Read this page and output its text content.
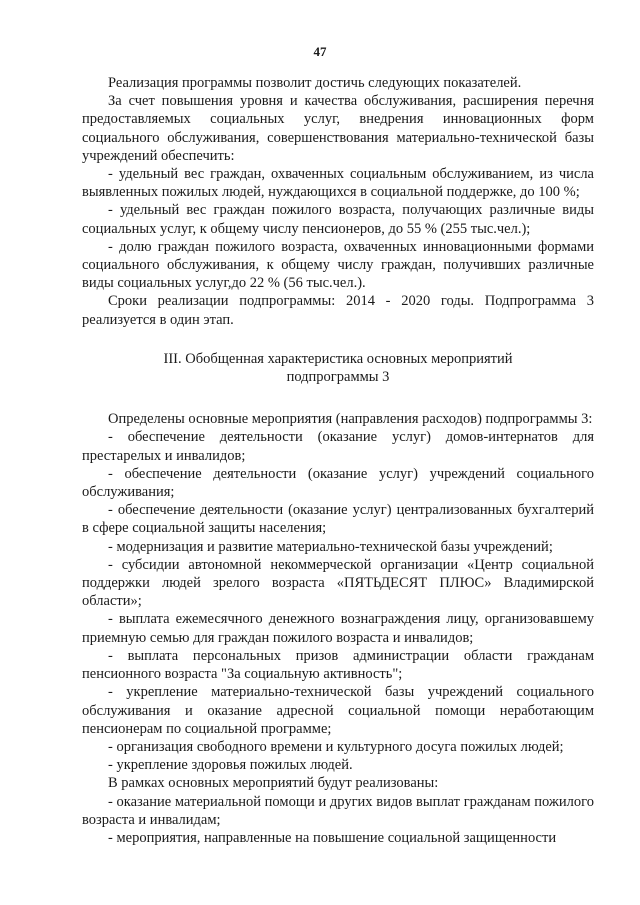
47

Реализация программы позволит достичь следующих показателей.

За счет повышения уровня и качества обслуживания, расширения перечня предоставляемых социальных услуг, внедрения инновационных форм социального обслуживания, совершенствования материально-технической базы учреждений обеспечить:

- удельный вес граждан, охваченных социальным обслуживанием, из числа выявленных пожилых людей, нуждающихся в социальной поддержке, до 100 %;

- удельный вес граждан пожилого возраста, получающих различные виды социальных услуг, к общему числу пенсионеров, до 55 % (255 тыс.чел.);

- долю граждан пожилого возраста, охваченных инновационными формами социального обслуживания, к общему числу граждан, получивших различные виды социальных услуг,до 22 % (56 тыс.чел.).

Сроки реализации подпрограммы: 2014 - 2020 годы. Подпрограмма 3 реализуется в один этап.

III. Обобщенная характеристика основных мероприятий
подпрограммы 3

Определены основные мероприятия (направления расходов) подпрограммы 3:

- обеспечение деятельности (оказание услуг) домов-интернатов для престарелых и инвалидов;

- обеспечение деятельности (оказание услуг) учреждений социального обслуживания;

- обеспечение деятельности (оказание услуг) централизованных бухгалтерий в сфере социальной защиты населения;

- модернизация и развитие материально-технической базы учреждений;

- субсидии автономной некоммерческой организации «Центр социальной поддержки людей зрелого возраста «ПЯТЬДЕСЯТ ПЛЮС» Владимирской области»;

- выплата ежемесячного денежного вознаграждения лицу, организовавшему приемную семью для граждан пожилого возраста и инвалидов;

- выплата персональных призов администрации области гражданам пенсионного возраста "За социальную активность";

- укрепление материально-технической базы учреждений социального обслуживания и оказание адресной социальной помощи неработающим пенсионерам по социальной программе;

- организация свободного времени и культурного досуга пожилых людей;

- укрепление здоровья пожилых людей.

В рамках основных мероприятий будут реализованы:

- оказание материальной помощи и других видов выплат гражданам пожилого возраста и инвалидам;

- мероприятия, направленные на повышение социальной защищенности
